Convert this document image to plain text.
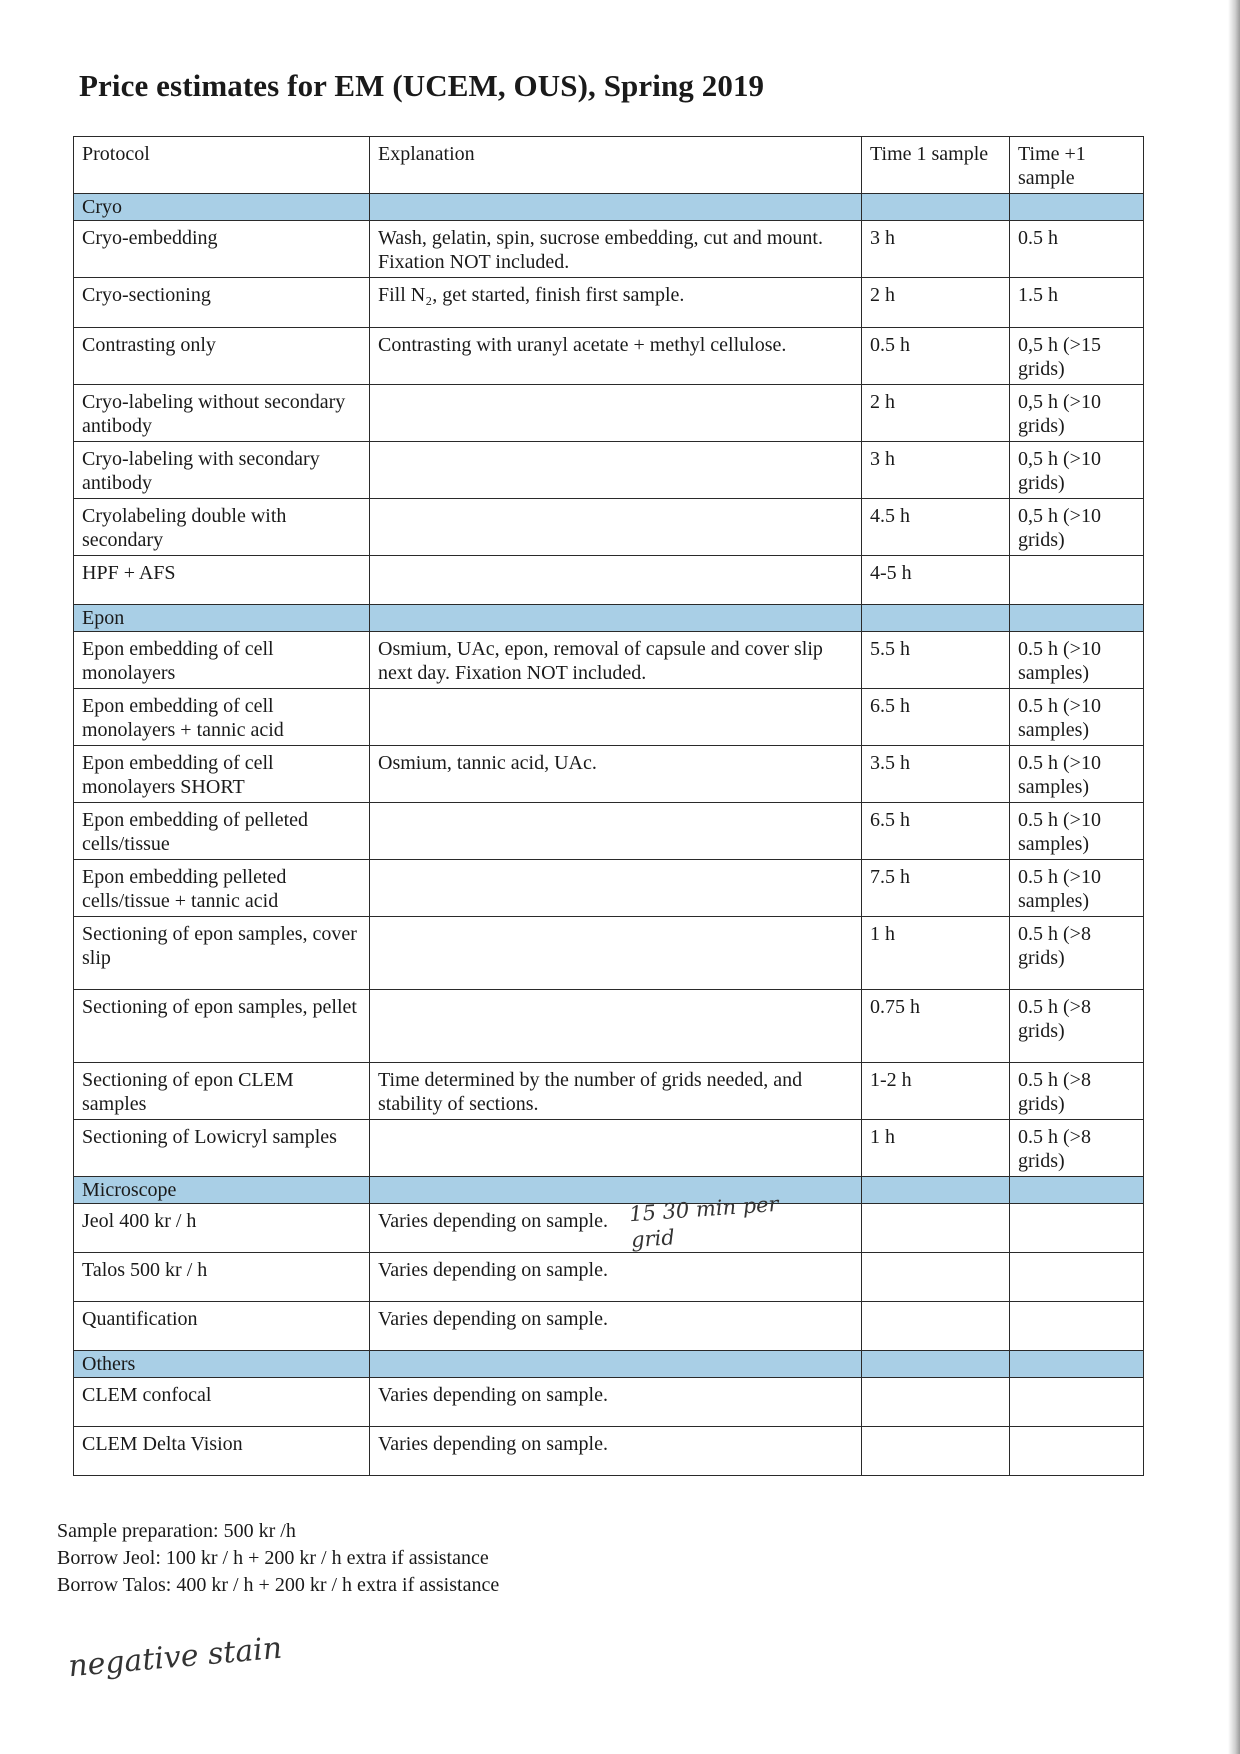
Price estimates for EM (UCEM, OUS), Spring 2019
Protocol	Explanation	Time 1 sample	Time +1 sample
Cryo			
Cryo-embedding	Wash, gelatin, spin, sucrose embedding, cut and mount. Fixation NOT included.	3 h	0.5 h
Cryo-sectioning	Fill N₂, get started, finish first sample.	2 h	1.5 h
Contrasting only	Contrasting with uranyl acetate + methyl cellulose.	0.5 h	0,5 h (>15 grids)
Cryo-labeling without secondary antibody		2 h	0,5 h (>10 grids)
Cryo-labeling with secondary antibody		3 h	0,5 h (>10 grids)
Cryolabeling double with secondary		4.5 h	0,5 h (>10 grids)
HPF + AFS		4-5 h	
Epon			
Epon embedding of cell monolayers	Osmium, UAc, epon, removal of capsule and cover slip next day. Fixation NOT included.	5.5 h	0.5 h (>10 samples)
Epon embedding of cell monolayers + tannic acid		6.5 h	0.5 h (>10 samples)
Epon embedding of cell monolayers SHORT	Osmium, tannic acid, UAc.	3.5 h	0.5 h (>10 samples)
Epon embedding of pelleted cells/tissue		6.5 h	0.5 h (>10 samples)
Epon embedding pelleted cells/tissue + tannic acid		7.5 h	0.5 h (>10 samples)
Sectioning of epon samples, cover slip		1 h	0.5 h (>8 grids)
Sectioning of epon samples, pellet		0.75 h	0.5 h (>8 grids)
Sectioning of epon CLEM samples	Time determined by the number of grids needed, and stability of sections.	1-2 h	0.5 h (>8 grids)
Sectioning of Lowicryl samples		1 h	0.5 h (>8 grids)
Microscope			
Jeol 400 kr / h	Varies depending on sample.		
Talos 500 kr / h	Varies depending on sample.		
Quantification	Varies depending on sample.		
Others			
CLEM confocal	Varies depending on sample.		
CLEM Delta Vision	Varies depending on sample.		
15 30 min per grid
Sample preparation: 500 kr /h
Borrow Jeol: 100 kr / h + 200 kr / h extra if assistance
Borrow Talos: 400 kr / h + 200 kr / h extra if assistance
negative stain
